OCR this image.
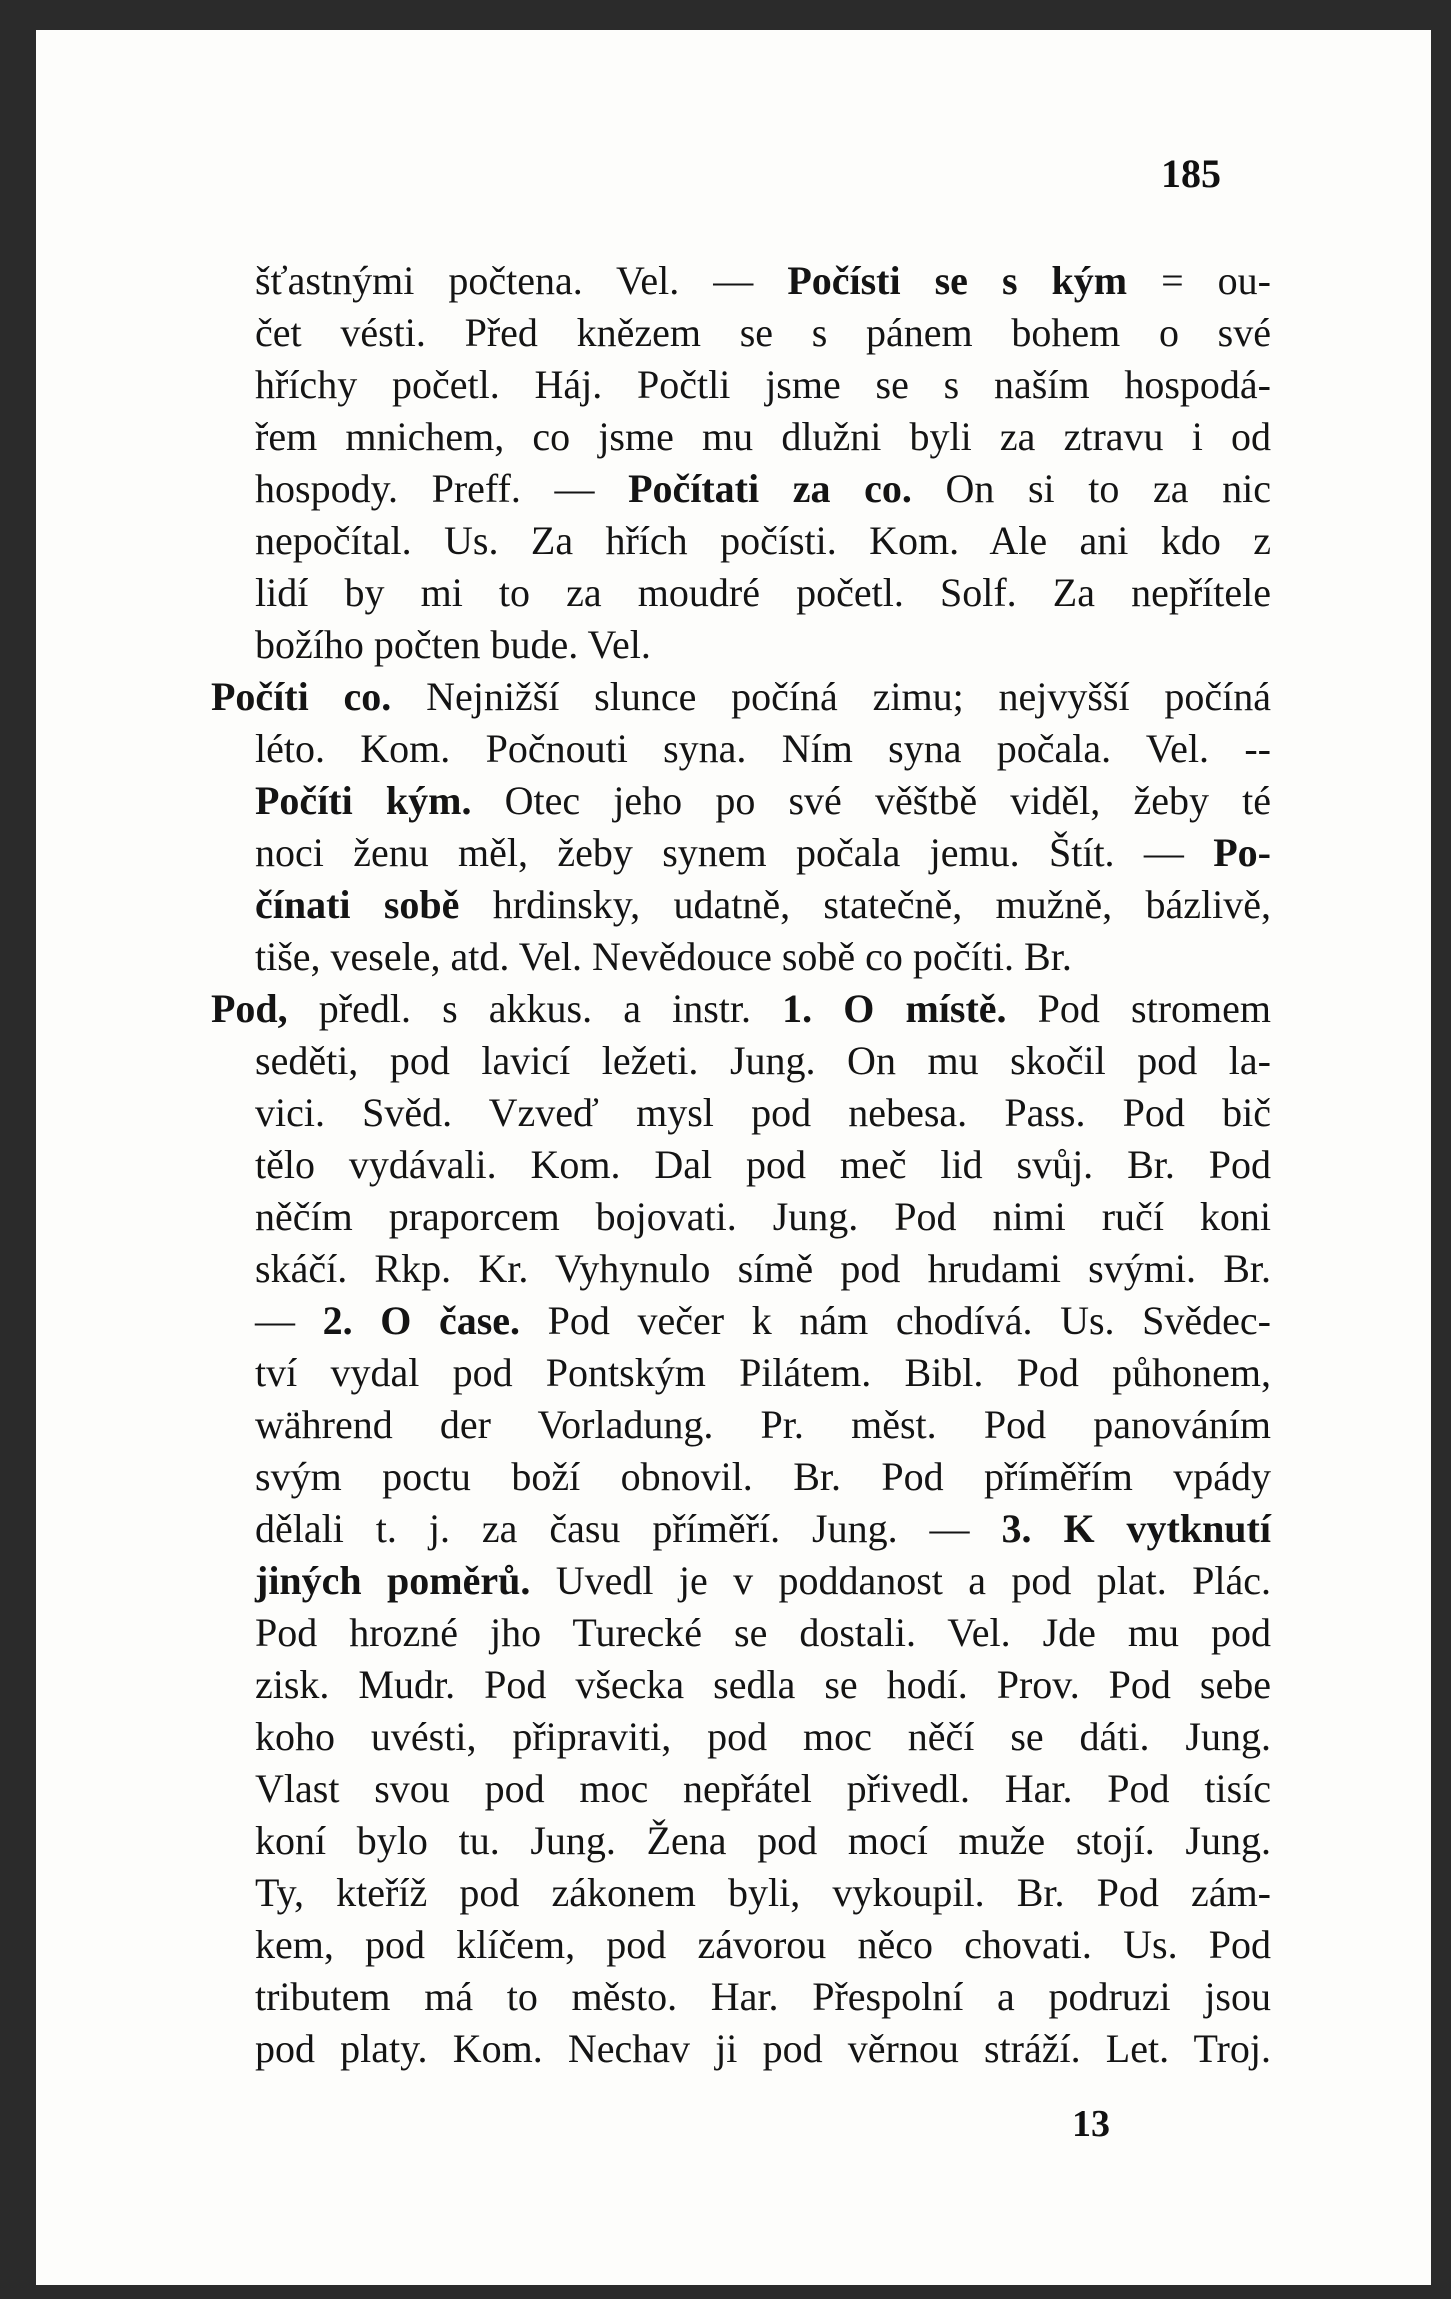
185
šťastnými počtena. Vel. — Počísti se s kým = ou-
čet vésti. Před knězem se s pánem bohem o své
hříchy početl. Háj. Počtli jsme se s naším hospodá-
řem mnichem, co jsme mu dlužni byli za ztravu i od
hospody. Preff. — Počítati za co. On si to za nic
nepočítal. Us. Za hřích počísti. Kom. Ale ani kdo z
lidí by mi to za moudré početl. Solf. Za nepřítele
božího počten bude. Vel.
Počíti co. Nejnižší slunce počíná zimu; nejvyšší počíná
léto. Kom. Počnouti syna. Ním syna počala. Vel. --
Počíti kým. Otec jeho po své věštbě viděl, žeby té
noci ženu měl, žeby synem počala jemu. Štít. — Po-
čínati sobě hrdinsky, udatně, statečně, mužně, bázlivě,
tiše, vesele, atd. Vel. Nevědouce sobě co počíti. Br.
Pod, předl. s akkus. a instr. 1. O místě. Pod stromem
seděti, pod lavicí ležeti. Jung. On mu skočil pod la-
vici. Svěd. Vzveď mysl pod nebesa. Pass. Pod bič
tělo vydávali. Kom. Dal pod meč lid svůj. Br. Pod
něčím praporcem bojovati. Jung. Pod nimi ručí koni
skáčí. Rkp. Kr. Vyhynulo símě pod hrudami svými. Br.
— 2. O čase. Pod večer k nám chodívá. Us. Svědec-
tví vydal pod Pontským Pilátem. Bibl. Pod půhonem,
während der Vorladung. Pr. měst. Pod panováním
svým poctu boží obnovil. Br. Pod příměřím vpády
dělali t. j. za času příměří. Jung. — 3. K vytknutí
jiných poměrů. Uvedl je v poddanost a pod plat. Plác.
Pod hrozné jho Turecké se dostali. Vel. Jde mu pod
zisk. Mudr. Pod všecka sedla se hodí. Prov. Pod sebe
koho uvésti, připraviti, pod moc něčí se dáti. Jung.
Vlast svou pod moc nepřátel přivedl. Har. Pod tisíc
koní bylo tu. Jung. Žena pod mocí muže stojí. Jung.
Ty, kteříž pod zákonem byli, vykoupil. Br. Pod zám-
kem, pod klíčem, pod závorou něco chovati. Us. Pod
tributem má to město. Har. Přespolní a podruzi jsou
pod platy. Kom. Nechav ji pod věrnou stráží. Let. Troj.
13
